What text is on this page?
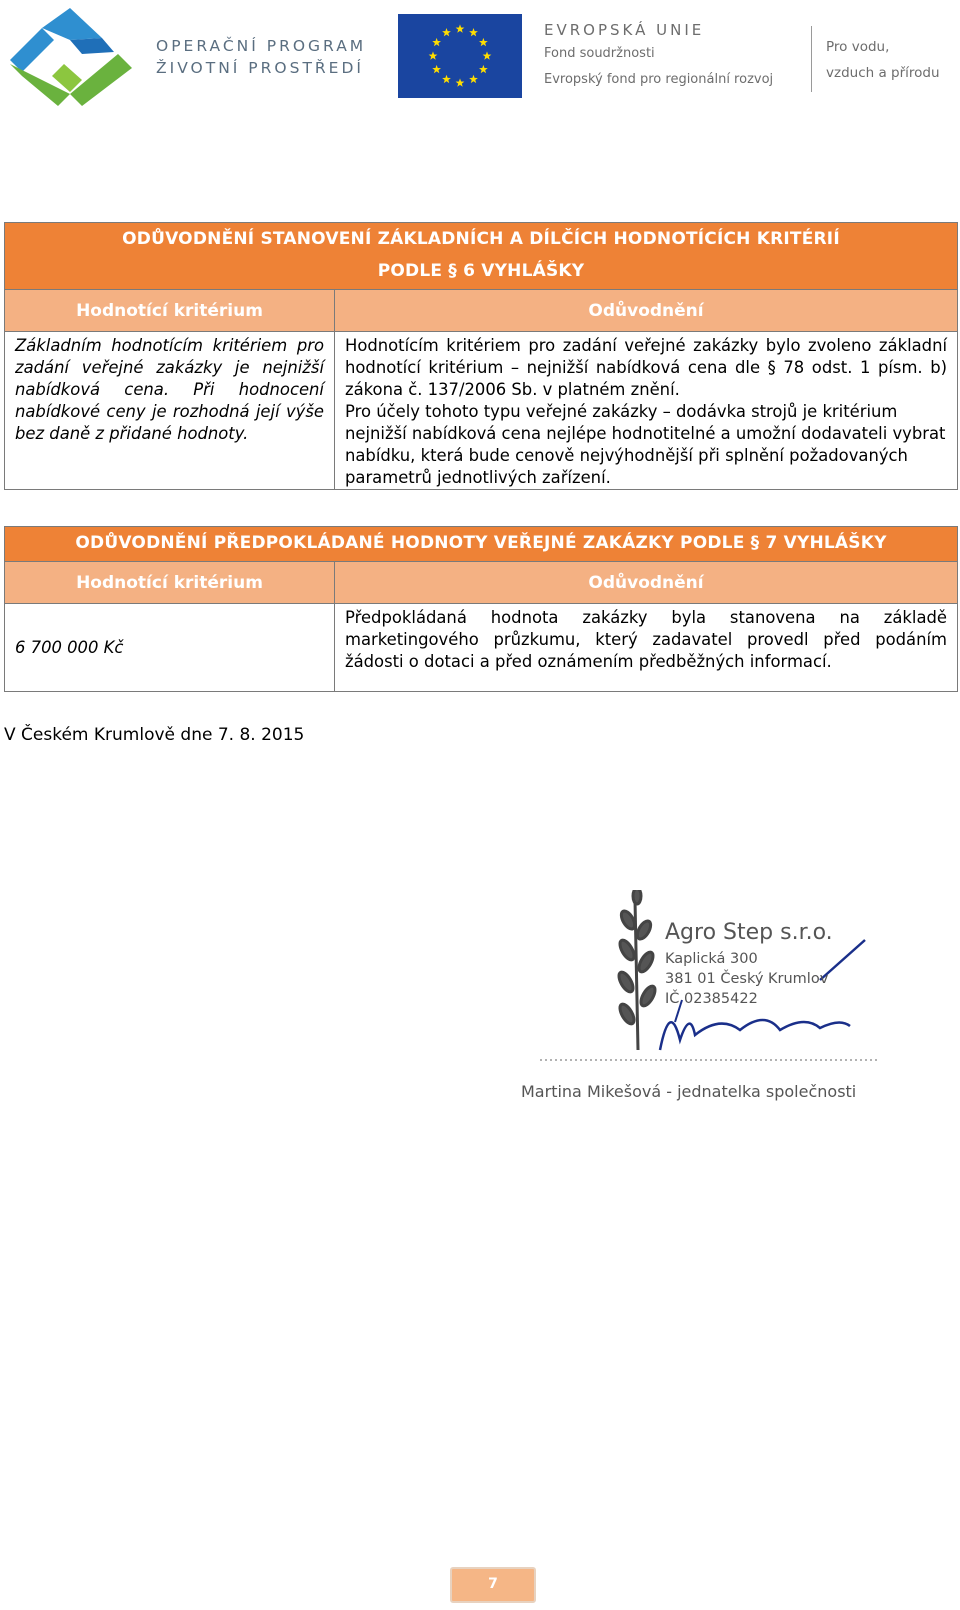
OPERAČNÍ PROGRAM
ŽIVOTNÍ PROSTŘEDÍ
EVROPSKÁ UNIE
Fond soudržnosti
Evropský fond pro regionální rozvoj
Pro vodu,
vzduch a přírodu
ODŮVODNĚNÍ STANOVENÍ ZÁKLADNÍCH A DÍLČÍCH HODNOTÍCÍCH KRITÉRIÍ
PODLE § 6 VYHLÁŠKY	

Hodnotící kritérium	Odůvodnění
Základním hodnotícím kritériem pro zadání veřejné zakázky je nejnižší nabídková cena. Při hodnocení nabídkové ceny je rozhodná její výše bez daně z přidané hodnoty.	Hodnotícím kritériem pro zadání veřejné zakázky bylo zvoleno základní hodnotící kritérium – nejnižší nabídková cena dle § 78 odst. 1 písm. b) zákona č. 137/2006 Sb. v platném znění.
Pro účely tohoto typu veřejné zakázky – dodávka strojů je kritérium nejnižší nabídková cena nejlépe hodnotitelné a umožní dodavateli vybrat nabídku, která bude cenově nejvýhodnější při splnění požadovaných parametrů jednotlivých zařízení.
ODŮVODNĚNÍ PŘEDPOKLÁDANÉ HODNOTY VEŘEJNÉ ZAKÁZKY PODLE § 7 VYHLÁŠKY	
Hodnotící kritérium	Odůvodnění
6 700 000 Kč	Předpokládaná hodnota zakázky byla stanovena na základě marketingového průzkumu, který zadavatel provedl před podáním žádosti o dotaci a před oznámením předběžných informací.
V Českém Krumlově dne 7. 8. 2015
Agro Step s.r.o.
Kaplická 300
381 01 Český Krumlov
IČ 02385422
Martina Mikešová - jednatelka společnosti
7
